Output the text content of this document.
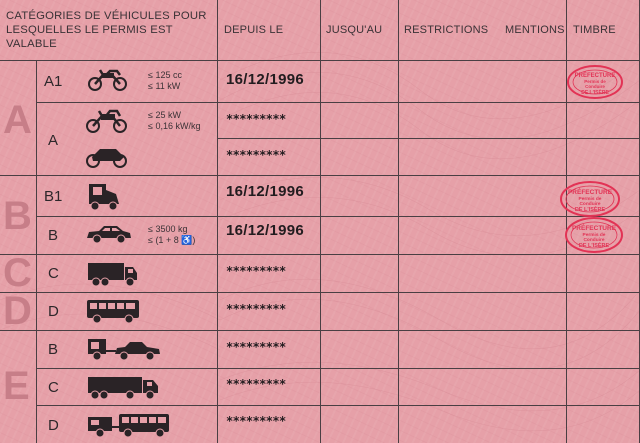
CATÉGORIES DE VÉHICULES POUR
LESQUELLES LE PERMIS EST VALABLE
DEPUIS LE	JUSQU'AU RESTRICTIONS MENTIONS TIMBRE
A
B
C
D
E
A1
A
B1
B
C
D
B
C
D
≤ 125 cc
≤ 11 kW
≤ 25 kW
≤ 0,16 kW/kg
≤ 3500 kg
≤ (1 + 8 ♿)
16/12/1996
*********
*********
16/12/1996
16/12/1996
*********
*********
*********
*********
*********
PRÉFECTURE
Permis de
Conduire
DE L'ISÈRE
PRÉFECTURE
Permis de
Conduire
DE L'ISÈRE
PRÉFECTURE
Permis de
Conduire
DE L'ISÈRE
